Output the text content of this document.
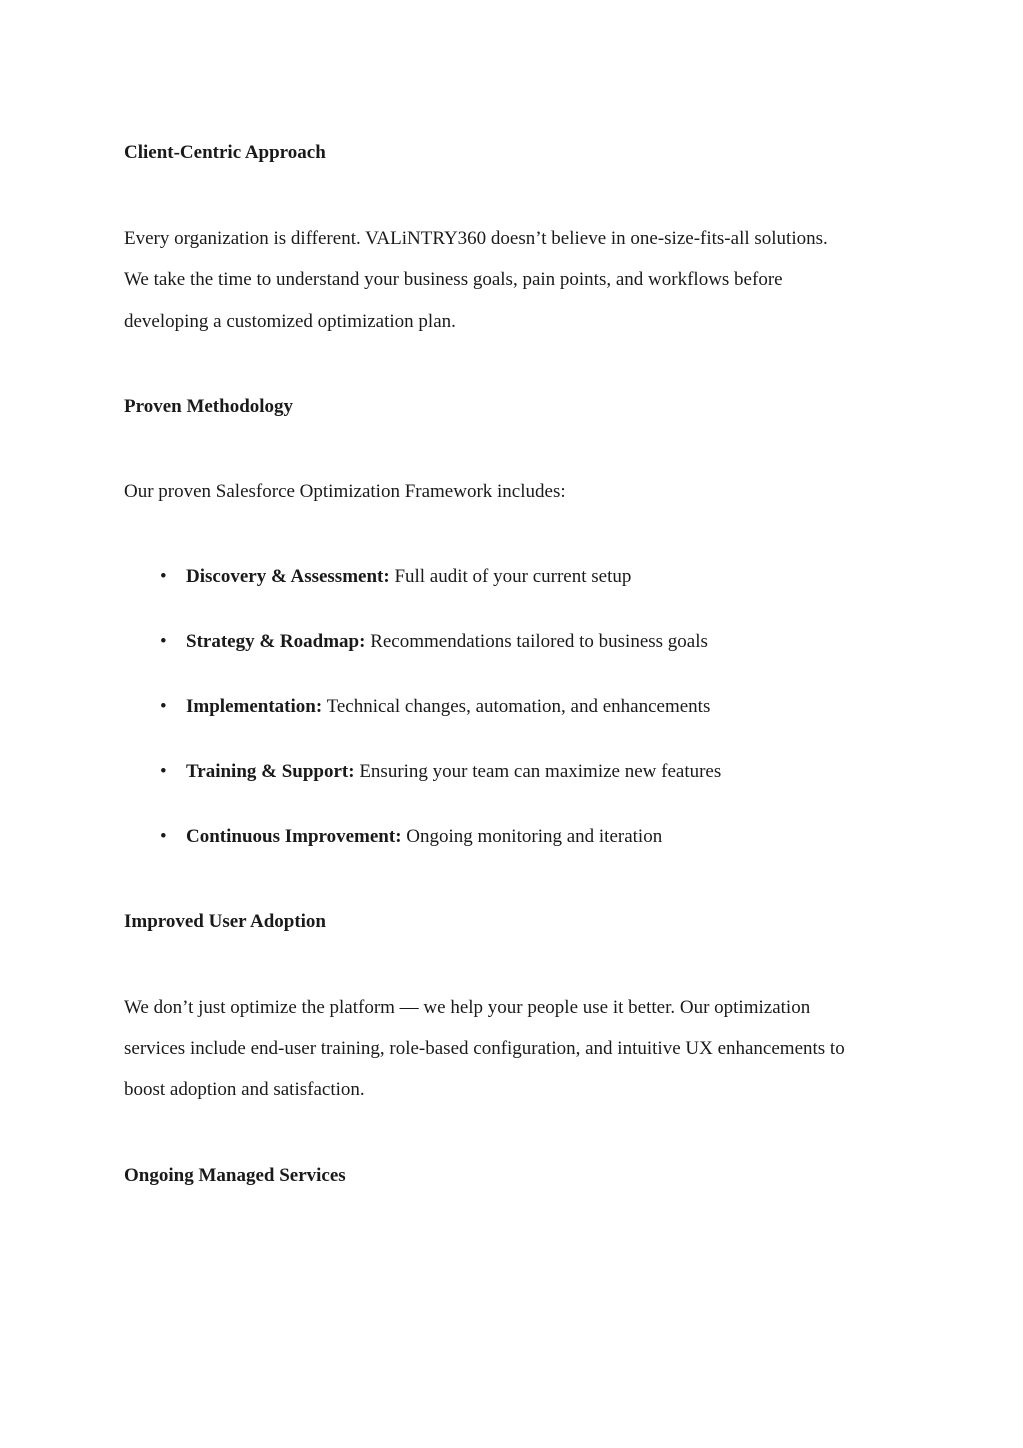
Client-Centric Approach
Every organization is different. VALiNTRY360 doesn’t believe in one-size-fits-all solutions.
We take the time to understand your business goals, pain points, and workflows before
developing a customized optimization plan.
Proven Methodology
Our proven Salesforce Optimization Framework includes:
• Discovery & Assessment: Full audit of your current setup
• Strategy & Roadmap: Recommendations tailored to business goals
• Implementation: Technical changes, automation, and enhancements
• Training & Support: Ensuring your team can maximize new features
• Continuous Improvement: Ongoing monitoring and iteration
Improved User Adoption
We don’t just optimize the platform — we help your people use it better. Our optimization
services include end-user training, role-based configuration, and intuitive UX enhancements to
boost adoption and satisfaction.
Ongoing Managed Services
